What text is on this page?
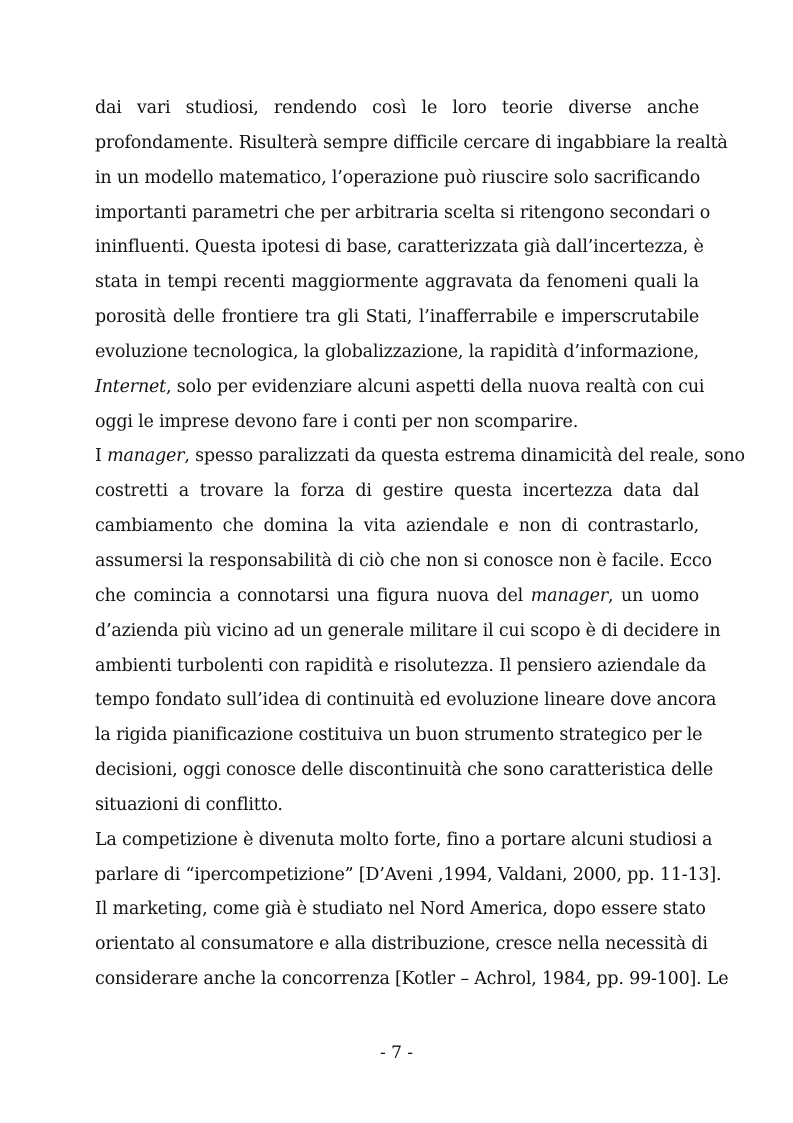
dai vari studiosi, rendendo così le loro teorie diverse anche
profondamente. Risulterà sempre difficile cercare di ingabbiare la realtà
in un modello matematico, l’operazione può riuscire solo sacrificando
importanti parametri che per arbitraria scelta si ritengono secondari o
ininfluenti. Questa ipotesi di base, caratterizzata già dall’incertezza, è
stata in tempi recenti maggiormente aggravata da fenomeni quali la
porosità delle frontiere tra gli Stati, l’inafferrabile e imperscrutabile
evoluzione tecnologica, la globalizzazione, la rapidità d’informazione,
Internet, solo per evidenziare alcuni aspetti della nuova realtà con cui
oggi le imprese devono fare i conti per non scomparire.
I manager, spesso paralizzati da questa estrema dinamicità del reale, sono
costretti a trovare la forza di gestire questa incertezza data dal
cambiamento che domina la vita aziendale e non di contrastarlo,
assumersi la responsabilità di ciò che non si conosce non è facile. Ecco
che comincia a connotarsi una figura nuova del manager, un uomo
d’azienda più vicino ad un generale militare il cui scopo è di decidere in
ambienti turbolenti con rapidità e risolutezza. Il pensiero aziendale da
tempo fondato sull’idea di continuità ed evoluzione lineare dove ancora
la rigida pianificazione costituiva un buon strumento strategico per le
decisioni, oggi conosce delle discontinuità che sono caratteristica delle
situazioni di conflitto.
La competizione è divenuta molto forte, fino a portare alcuni studiosi a
parlare di “ipercompetizione” [D’Aveni ,1994, Valdani, 2000, pp. 11-13].
Il marketing, come già è studiato nel Nord America, dopo essere stato
orientato al consumatore e alla distribuzione, cresce nella necessità di
considerare anche la concorrenza [Kotler – Achrol, 1984, pp. 99-100]. Le
- 7 -
